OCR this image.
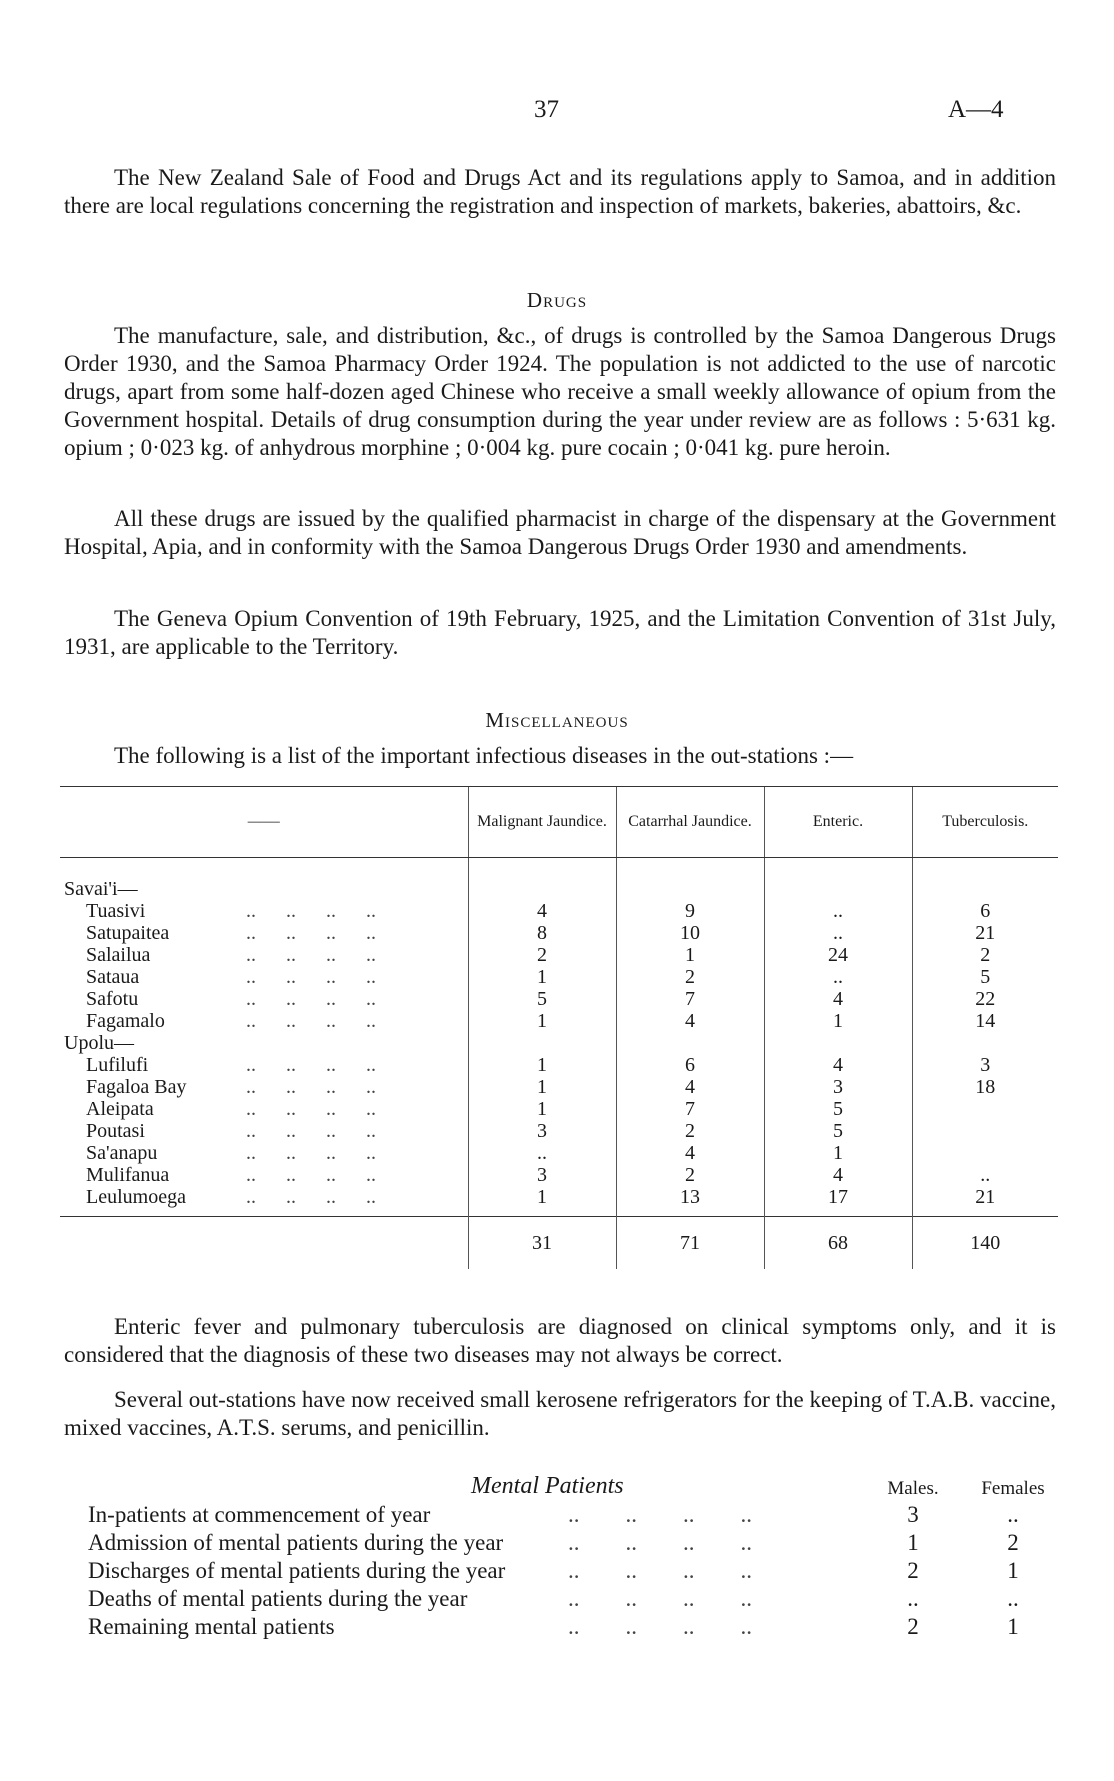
37	A—4

The New Zealand Sale of Food and Drugs Act and its regulations apply to Samoa, and in addition there are local regulations concerning the registration and inspection of markets, bakeries, abattoirs, &c.

Drugs

The manufacture, sale, and distribution, &c., of drugs is controlled by the Samoa Dangerous Drugs Order 1930, and the Samoa Pharmacy Order 1924. The population is not addicted to the use of narcotic drugs, apart from some half-dozen aged Chinese who receive a small weekly allowance of opium from the Government hospital. Details of drug consumption during the year under review are as follows : 5·631 kg. opium ; 0·023 kg. of anhydrous morphine ; 0·004 kg. pure cocain ; 0·041 kg. pure heroin.

All these drugs are issued by the qualified pharmacist in charge of the dispensary at the Government Hospital, Apia, and in conformity with the Samoa Dangerous Drugs Order 1930 and amendments.

The Geneva Opium Convention of 19th February, 1925, and the Limitation Convention of 31st July, 1931, are applicable to the Territory.

Miscellaneous

The following is a list of the important infectious diseases in the out-stations :—

——	Malignant Jaundice.	Catarrhal Jaundice.	Enteric.	Tuberculosis.
Savai'i—				
Tuasivi ..      ..      ..      ..	4	9	..	6
Satupaitea ..      ..      ..      ..	8	10	..	21
Salailua ..      ..      ..      ..	2	1	24	2
Sataua ..      ..      ..      ..	1	2	..	5
Safotu ..      ..      ..      ..	5	7	4	22
Fagamalo ..      ..      ..      ..	1	4	1	14
Upolu—				
Lufilufi ..      ..      ..      ..	1	6	4	3
Fagaloa Bay  ..      ..      ..      ..	1	4	3	18
Aleipata ..      ..      ..      ..	1	7	5	
Poutasi ..      ..      ..      ..	3	2	5	
Sa'anapu ..      ..      ..      ..	..	4	1	
Mulifanua ..      ..      ..      ..	3	2	4	..
Leulumoega ..      ..      ..      ..	1	13	17	21
	31	71	68	140

Enteric fever and pulmonary tuberculosis are diagnosed on clinical symptoms only, and it is considered that the diagnosis of these two diseases may not always be correct.

Several out-stations have now received small kerosene refrigerators for the keeping of T.A.B. vaccine, mixed vaccines, A.T.S. serums, and penicillin.

Mental Patients	Males.	Females
In-patients at commencement of year ..        ..        ..        ..	3	..
Admission of mental patients during the year ..        ..        ..        ..	1	2
Discharges of mental patients during the year ..        ..        ..        ..	2	1
Deaths of mental patients during the year ..        ..        ..        ..	..	..
Remaining mental patients ..        ..        ..        ..	2	1
